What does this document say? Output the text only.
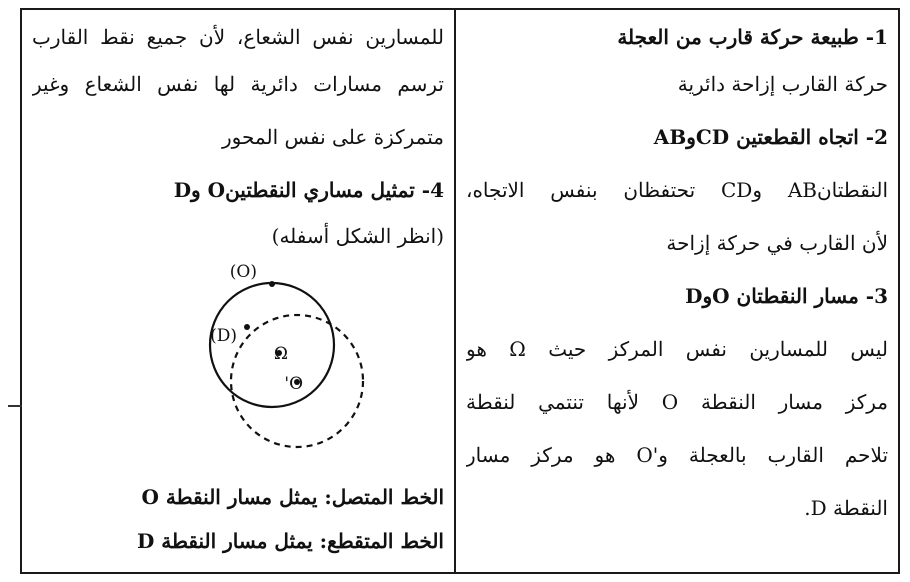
1- طبيعة حركة قارب من العجلة
حركة القارب إزاحة دائرية
2- اتجاه القطعتين CDوAB
النقطتانAB وCD تحتفظان بنفس الاتجاه،
لأن القارب في حركة إزاحة
3- مسار النقطتان OوD
ليس للمسارين نفس المركز حيث Ω هو
مركز مسار النقطة O لأنها تنتمي لنقطة
تلاحم القارب بالعجلة و'O هو مركز مسار
النقطة D.
للمسارين نفس الشعاع، لأن جميع نقط القارب
ترسم مسارات دائرية لها نفس الشعاع وغير
متمركزة على نفس المحور
4- تمثيل مساري النقطتينO وD
(انظر الشكل أسفله)
(O)
(D)
Ω
O'
الخط المتصل: يمثل مسار النقطة O
الخط المتقطع: يمثل مسار النقطة D
